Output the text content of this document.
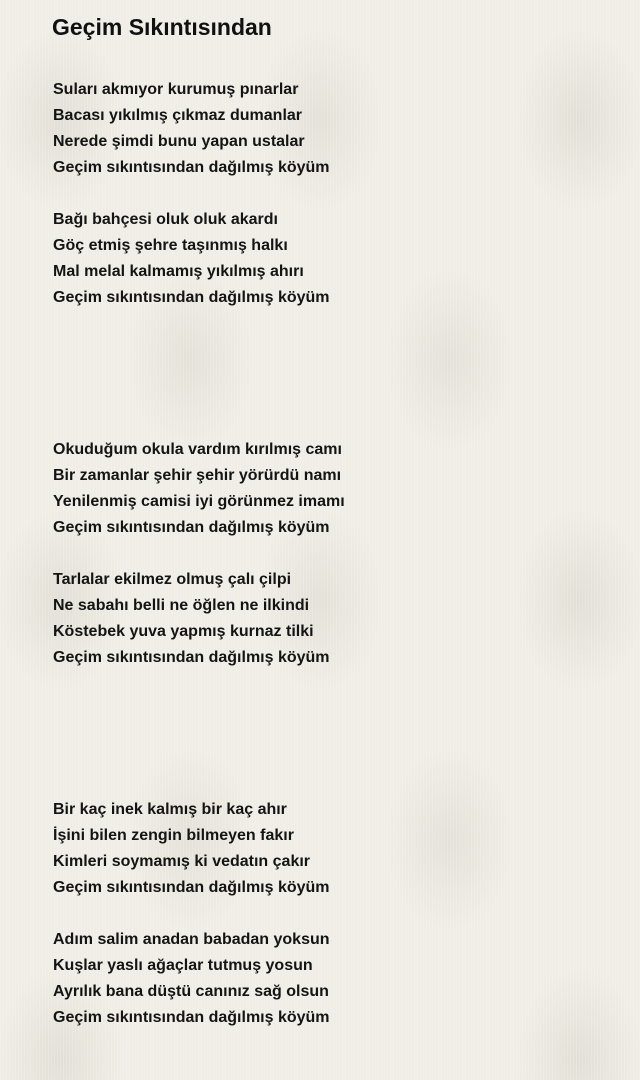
Geçim Sıkıntısından
Suları akmıyor kurumuş pınarlar
Bacası yıkılmış çıkmaz dumanlar
Nerede şimdi bunu yapan ustalar
Geçim sıkıntısından dağılmış köyüm
Bağı bahçesi oluk oluk akardı
Göç etmiş şehre taşınmış halkı
Mal melal kalmamış yıkılmış ahırı
Geçim sıkıntısından dağılmış köyüm
Okuduğum okula vardım kırılmış camı
Bir zamanlar şehir şehir yörürdü namı
Yenilenmiş camisi iyi görünmez imamı
Geçim sıkıntısından dağılmış köyüm
Tarlalar ekilmez olmuş çalı çilpi
Ne sabahı belli ne öğlen ne ilkindi
Köstebek yuva yapmış kurnaz tilki
Geçim sıkıntısından dağılmış köyüm
Bir kaç inek kalmış bir kaç ahır
İşini bilen zengin bilmeyen fakır
Kimleri soymamış ki vedatın çakır
Geçim sıkıntısından dağılmış köyüm
Adım salim anadan babadan yoksun
Kuşlar yaslı ağaçlar tutmuş yosun
Ayrılık bana düştü canınız sağ olsun
Geçim sıkıntısından dağılmış köyüm
